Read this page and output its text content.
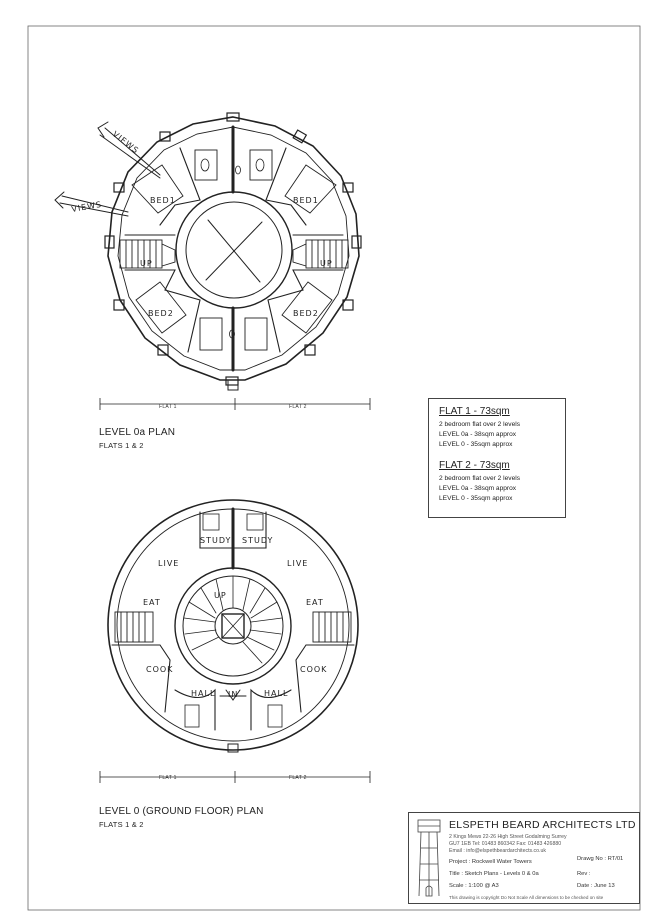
BED1	BED1
BED2	BED2
UP	UP
VIEWS
VIEWS
STUDY STUDY
LIVE	LIVE
EAT	EAT
COOK	COOK
HALL	HALL
IN
UP
FLAT 1	FLAT 2
LEVEL 0a PLAN
FLATS 1 & 2
FLAT 1	FLAT 2
LEVEL 0 (GROUND FLOOR) PLAN
FLATS 1 & 2
FLAT 1 - 73sqm
2 bedroom flat over 2 levels
LEVEL 0a - 38sqm approx
LEVEL 0 - 35sqm approx
FLAT 2 - 73sqm
2 bedroom flat over 2 levels
LEVEL 0a - 38sqm approx
LEVEL 0 - 35sqm approx
ELSPETH BEARD ARCHITECTS LTD
2 Kings Mews 22-26 High Street Godalming Surrey
GU7 1EB Tel: 01483 860342 Fax: 01483 426880
Email : info@elspethbeardarchitects.co.uk
Project : Rockwell Water Towers	Drawg No : RT/01
Title : Sketch Plans - Levels 0 & 0a	Rev :
Scale : 1:100 @ A3	Date : June 13
This drawing is copyright Do Not Scale All dimensions to be checked on site
